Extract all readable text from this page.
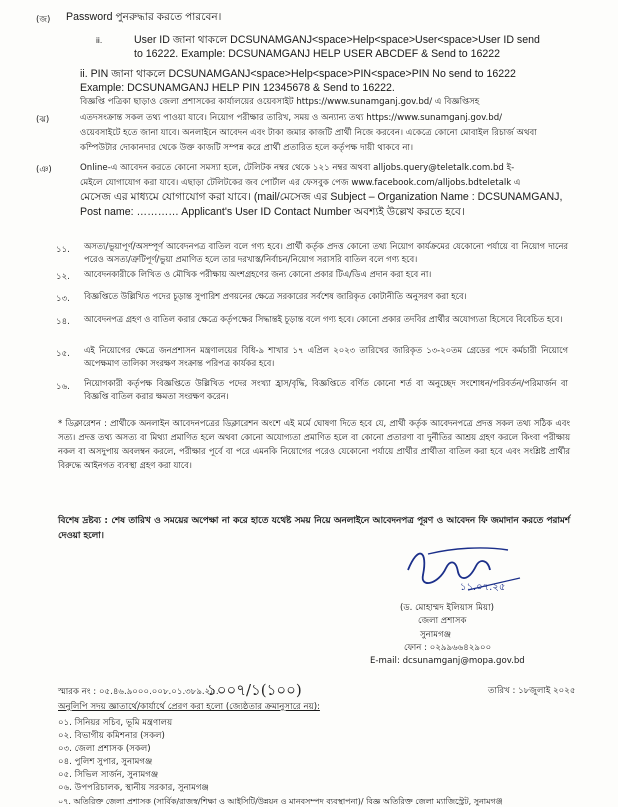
(জ) Password পুনরুদ্ধার করতে পারবেন।
ii.	User ID জানা থাকলে DCSUNAMGANJ<space>Help<space>User<space>User ID send
to 16222. Example: DCSUNAMGANJ HELP USER ABCDEF & Send to 16222
ii. PIN জানা থাকলে DCSUNAMGANJ<space>Help<space>PIN<space>PIN No send to 16222
Example: DCSUNAMGANJ HELP PIN 12345678 & Send to 16222.
বিজ্ঞপ্তি পত্রিকা ছাড়াও জেলা প্রশাসকের কার্যালয়ের ওয়েবসাইট https://www.sunamganj.gov.bd/ এ বিজ্ঞপ্তিসহ
(ঝ)	এতদসংক্রান্ত সকল তথ্য পাওয়া যাবে। নিয়োগ পরীক্ষার তারিখ, সময় ও অন্যান্য তথ্য https://www.sunamganj.gov.bd/
ওয়েবসাইটে হতে জানা যাবে। অনলাইনে আবেদন এবং টাকা জমার কাজটি প্রার্থী নিজে করবেন। একেত্রে কোনো মোবাইল রিচার্জ অথবা
কম্পিউটার দোকানদার থেকে উক্ত কাজটি সম্পন্ন করে প্রার্থী প্রতারিত হলে কর্তৃপক্ষ দায়ী থাকবে না।
(ঞ)	Online-এ আবেদন করতে কোনো সমস্যা হলে, টেলিটক নম্বর থেকে ১২১ নম্বর অথবা alljobs.query@teletalk.com.bd ই-
মেইলে যোগাযোগ করা যাবে। এছাড়া টেলিটকের জব পোর্টাল এর ফেসবুক পেজ www.facebook.com/alljobs.bdteletalk এ
মেসেজ এর মাধ্যমে যোগাযোগ করা যাবে। (mail/মেসেজ এর Subject – Organization Name : DCSUNAMGANJ,
Post name: ………… Applicant's User ID Contact Number অবশ্যই উল্লেখ করতে হবে।
১১. অসত্য/ভুয়াপূর্ণ/অসম্পূর্ণ আবেদনপত্র বাতিল বলে গণ্য হবে। প্রার্থী কর্তৃক প্রদত্ত কোনো তথ্য নিয়োগ কার্যক্রমের যেকোনো পর্যায়ে বা নিয়োগ দানের পরেও অসত্য/ত্রুটিপূর্ণ/ভুয়া প্রমাণিত হলে তার দরখাস্ত/নির্বাচন/নিয়োগ সরাসরি বাতিল বলে গণ্য হবে।
১২. আবেদনকারীকে লিখিত ও মৌখিক পরীক্ষায় অংশগ্রহণের জন্য কোনো প্রকার টিএ/ডিএ প্রদান করা হবে না।
১৩. বিজ্ঞপ্তিতে উল্লিখিত পদের চূড়ান্ত সুপারিশ প্রণয়নের ক্ষেত্রে সরকারের সর্বশেষ জারিকৃত কোটানীতি অনুসরণ করা হবে।
১৪. আবেদনপত্র গ্রহণ ও বাতিল করার ক্ষেত্রে কর্তৃপক্ষের সিদ্ধান্তই চূড়ান্ত বলে গণ্য হবে। কোনো প্রকার তদবির প্রার্থীর অযোগ্যতা হিসেবে বিবেচিত হবে।
১৫. এই নিয়োগের ক্ষেত্রে জনপ্রশাসন মন্ত্রণালয়ের বিধি-৯ শাখার ১৭ এপ্রিল ২০২৩ তারিখের জারিকৃত ১৩-২০তম গ্রেডের পদে কর্মচারী নিয়োগে অপেক্ষমাণ তালিকা সংরক্ষণ সংক্রান্ত পরিপত্র কার্যকর হবে।
১৬. নিয়োগকারী কর্তৃপক্ষ বিজ্ঞপ্তিতে উল্লিখিত পদের সংখ্যা হ্রাস/বৃদ্ধি, বিজ্ঞপ্তিতে বর্ণিত কোনো শর্ত বা অনুচ্ছেদ সংশোধন/পরিবর্তন/পরিমার্জন বা বিজ্ঞপ্তি বাতিল করার ক্ষমতা সংরক্ষণ করেন।
* ডিক্লারেশন : প্রার্থীকে অনলাইন আবেদনপত্রের ডিক্লারেশন অংশে এই মর্মে ঘোষণা দিতে হবে যে, প্রার্থী কর্তৃক আবেদনপত্রে প্রদত্ত সকল তথ্য সঠিক এবং সত্য। প্রদত্ত তথ্য অসত্য বা মিথ্যা প্রমাণিত হলে অথবা কোনো অযোগ্যতা প্রমাণিত হলে বা কোনো প্রতারণা বা দুর্নীতির আশ্রয় গ্রহণ করলে কিংবা পরীক্ষায় নকল বা অসদুপায় অবলম্বন করলে, পরীক্ষার পূর্বে বা পরে এমনকি নিয়োগের পরেও যেকোনো পর্যায়ে প্রার্থীর প্রার্থীতা বাতিল করা হবে এবং সংশ্লিষ্ট প্রার্থীর বিরুদ্ধে আইনগত ব্যবস্থা গ্রহণ করা যাবে।
বিশেষ দ্রষ্টব্য : শেষ তারিখ ও সময়ের অপেক্ষা না করে হাতে যথেষ্ট সময় নিয়ে অনলাইনে আবেদনপত্র পূরণ ও আবেদন ফি জমাদান করতে পরামর্শ দেওয়া হলো।
১১.০৭.২৫
(ড. মোহাম্মদ ইলিয়াস মিয়া)
জেলা প্রশাসক
সুনামগঞ্জ
ফোন : ০২৯৯৬৬৪২৯০০
E-mail: dcsunamganj@mopa.gov.bd
স্মারক নং : ০৫.৪৬.৯০০০.০০৮.০১.৩৮৯.২৫.
১০০৭/১(১০০)	তারিখ : ১৮জুলাই ২০২৫
অনুলিপি সদয় জ্ঞাতার্থে/কার্যার্থে প্রেরণ করা হলো (জ্যেষ্ঠতার ক্রমানুসারে নয়):
০১. সিনিয়র সচিব, ভূমি মন্ত্রণালয়
০২. বিভাগীয় কমিশনার (সকল)
০৩. জেলা প্রশাসক (সকল)
০৪. পুলিশ সুপার, সুনামগঞ্জ
০৫. সিভিল সার্জন, সুনামগঞ্জ
০৬. উপপরিচালক, স্থানীয় সরকার, সুনামগঞ্জ
০৭. অতিরিক্ত জেলা প্রশাসক (সার্বিক/রাজস্ব/শিক্ষা ও আইসিটি/উন্নয়ন ও মানবসম্পদ ব্যবস্থাপনা)/ বিজ্ঞ অতিরিক্ত জেলা ম্যাজিস্ট্রেট, সুনামগঞ্জ
